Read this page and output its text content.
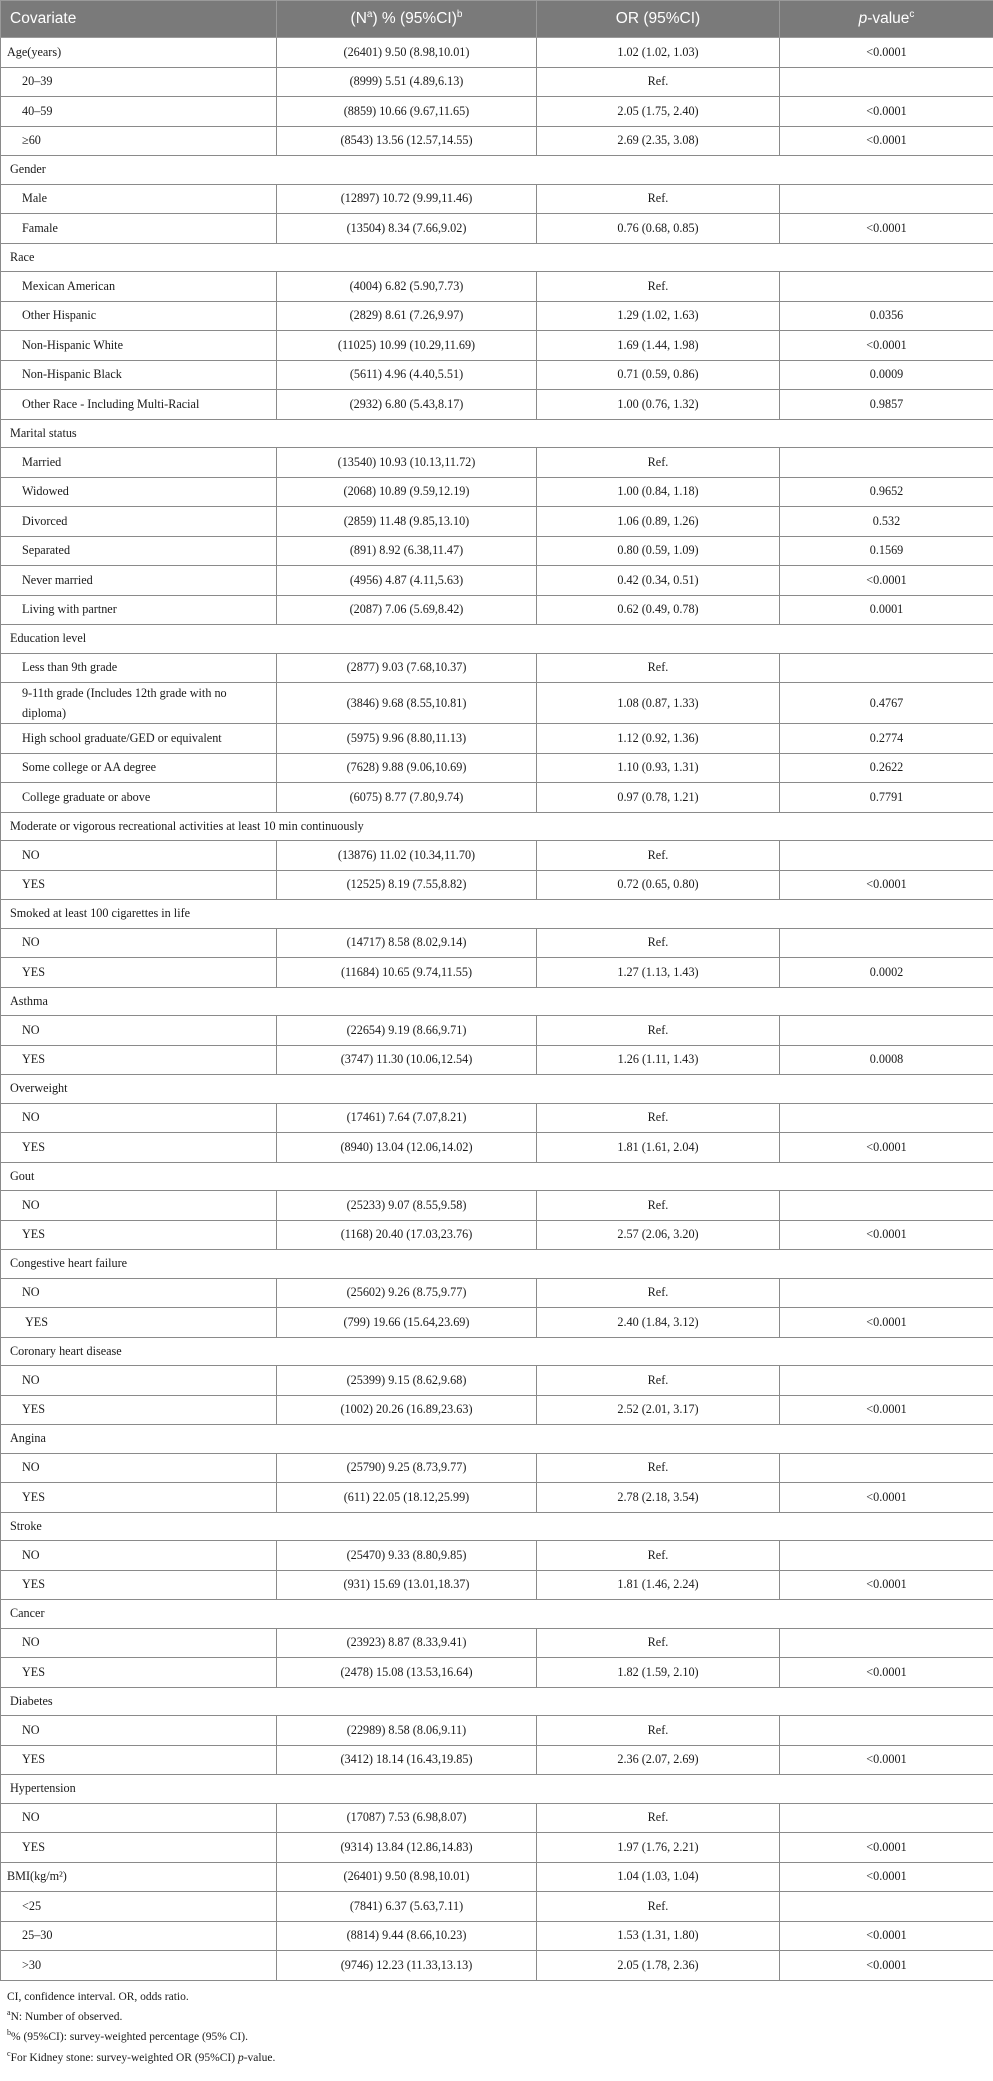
Covariate	$(N^a)$ % $(95\%CI)^b$	OR (95%CI)	p-value$^c$
Age(years)	(26401) 9.50 (8.98,10.01)	1.02 (1.02, 1.03)	<0.0001
20–39	(8999) 5.51 (4.89,6.13)	Ref.	
40–59	(8859) 10.66 (9.67,11.65)	2.05 (1.75, 2.40)	<0.0001
≥60	(8543) 13.56 (12.57,14.55)	2.69 (2.35, 3.08)	<0.0001
Gender			
Male	(12897) 10.72 (9.99,11.46)	Ref.	
Famale	(13504) 8.34 (7.66,9.02)	0.76 (0.68, 0.85)	<0.0001
Race			
Mexican American	(4004) 6.82 (5.90,7.73)	Ref.	
Other Hispanic	(2829) 8.61 (7.26,9.97)	1.29 (1.02, 1.63)	0.0356
Non-Hispanic White	(11025) 10.99 (10.29,11.69)	1.69 (1.44, 1.98)	<0.0001
Non-Hispanic Black	(5611) 4.96 (4.40,5.51)	0.71 (0.59, 0.86)	0.0009
Other Race - Including Multi-Racial	(2932) 6.80 (5.43,8.17)	1.00 (0.76, 1.32)	0.9857
Marital status			
Married	(13540) 10.93 (10.13,11.72)	Ref.	
Widowed	(2068) 10.89 (9.59,12.19)	1.00 (0.84, 1.18)	0.9652
Divorced	(2859) 11.48 (9.85,13.10)	1.06 (0.89, 1.26)	0.532
Separated	(891) 8.92 (6.38,11.47)	0.80 (0.59, 1.09)	0.1569
Never married	(4956) 4.87 (4.11,5.63)	0.42 (0.34, 0.51)	<0.0001
Living with partner	(2087) 7.06 (5.69,8.42)	0.62 (0.49, 0.78)	0.0001
Education level			
Less than 9th grade	(2877) 9.03 (7.68,10.37)	Ref.	
9-11th grade (Includes 12th grade with no diploma)	(3846) 9.68 (8.55,10.81)	1.08 (0.87, 1.33)	0.4767
High school graduate/GED or equivalent	(5975) 9.96 (8.80,11.13)	1.12 (0.92, 1.36)	0.2774
Some college or AA degree	(7628) 9.88 (9.06,10.69)	1.10 (0.93, 1.31)	0.2622
College graduate or above	(6075) 8.77 (7.80,9.74)	0.97 (0.78, 1.21)	0.7791
Moderate or vigorous recreational activities at least 10 min continuously			
NO	(13876) 11.02 (10.34,11.70)	Ref.	
YES	(12525) 8.19 (7.55,8.82)	0.72 (0.65, 0.80)	<0.0001
Smoked at least 100 cigarettes in life			
NO	(14717) 8.58 (8.02,9.14)	Ref.	
YES	(11684) 10.65 (9.74,11.55)	1.27 (1.13, 1.43)	0.0002
Asthma			
NO	(22654) 9.19 (8.66,9.71)	Ref.	
YES	(3747) 11.30 (10.06,12.54)	1.26 (1.11, 1.43)	0.0008
Overweight			
NO	(17461) 7.64 (7.07,8.21)	Ref.	
YES	(8940) 13.04 (12.06,14.02)	1.81 (1.61, 2.04)	<0.0001
Gout			
NO	(25233) 9.07 (8.55,9.58)	Ref.	
YES	(1168) 20.40 (17.03,23.76)	2.57 (2.06, 3.20)	<0.0001
Congestive heart failure			
NO	(25602) 9.26 (8.75,9.77)	Ref.	
YES	(799) 19.66 (15.64,23.69)	2.40 (1.84, 3.12)	<0.0001
Coronary heart disease			
NO	(25399) 9.15 (8.62,9.68)	Ref.	
YES	(1002) 20.26 (16.89,23.63)	2.52 (2.01, 3.17)	<0.0001
Angina			
NO	(25790) 9.25 (8.73,9.77)	Ref.	
YES	(611) 22.05 (18.12,25.99)	2.78 (2.18, 3.54)	<0.0001
Stroke			
NO	(25470) 9.33 (8.80,9.85)	Ref.	
YES	(931) 15.69 (13.01,18.37)	1.81 (1.46, 2.24)	<0.0001
Cancer			
NO	(23923) 8.87 (8.33,9.41)	Ref.	
YES	(2478) 15.08 (13.53,16.64)	1.82 (1.59, 2.10)	<0.0001
Diabetes			
NO	(22989) 8.58 (8.06,9.11)	Ref.	
YES	(3412) 18.14 (16.43,19.85)	2.36 (2.07, 2.69)	<0.0001
Hypertension			
NO	(17087) 7.53 (6.98,8.07)	Ref.	
YES	(9314) 13.84 (12.86,14.83)	1.97 (1.76, 2.21)	<0.0001
BMI(kg/m²)	(26401) 9.50 (8.98,10.01)	1.04 (1.03, 1.04)	<0.0001
<25	(7841) 6.37 (5.63,7.11)	Ref.	
25–30	(8814) 9.44 (8.66,10.23)	1.53 (1.31, 1.80)	<0.0001
>30	(9746) 12.23 (11.33,13.13)	2.05 (1.78, 2.36)	<0.0001
CI, confidence interval. OR, odds ratio.
$^a$N: Number of observed.
$^b$% (95%CI): survey-weighted percentage (95% CI).
$^c$For Kidney stone: survey-weighted OR (95%CI) p-value.
